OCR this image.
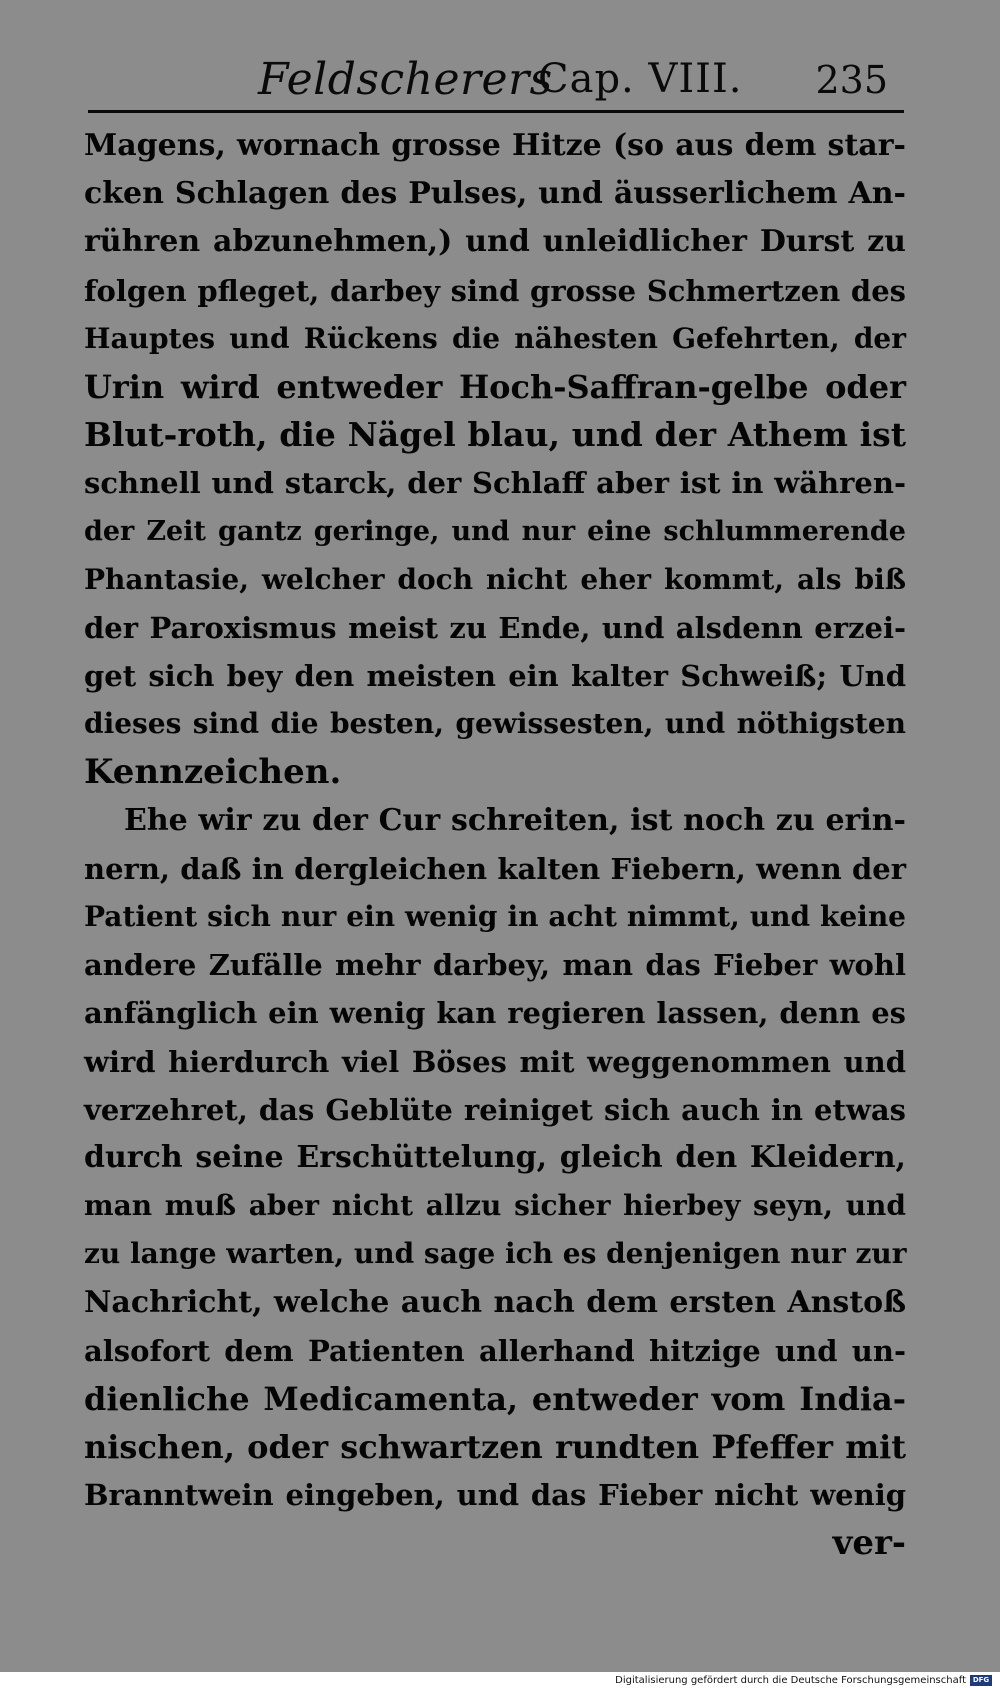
Feldscherers
Cap. VIII. 235
Magens, wornach grosse Hitze (so aus dem star-
cken Schlagen des Pulses, und äusserlichem An-
rühren abzunehmen,) und unleidlicher Durst zu
folgen pfleget, darbey sind grosse Schmertzen des
Hauptes und Rückens die nähesten Gefehrten, der
Urin wird entweder Hoch-Saffran-gelbe oder
Blut-roth, die Nägel blau, und der Athem ist
schnell und starck, der Schlaff aber ist in währen-
der Zeit gantz geringe, und nur eine schlummerende
Phantasie, welcher doch nicht eher kommt, als biß
der Paroxismus meist zu Ende, und alsdenn erzei-
get sich bey den meisten ein kalter Schweiß; Und
dieses sind die besten, gewissesten, und nöthigsten
Kennzeichen.
Ehe wir zu der Cur schreiten, ist noch zu erin-
nern, daß in dergleichen kalten Fiebern, wenn der
Patient sich nur ein wenig in acht nimmt, und keine
andere Zufälle mehr darbey, man das Fieber wohl
anfänglich ein wenig kan regieren lassen, denn es
wird hierdurch viel Böses mit weggenommen und
verzehret, das Geblüte reiniget sich auch in etwas
durch seine Erschüttelung, gleich den Kleidern,
man muß aber nicht allzu sicher hierbey seyn, und
zu lange warten, und sage ich es denjenigen nur zur
Nachricht, welche auch nach dem ersten Anstoß
alsofort dem Patienten allerhand hitzige und un-
dienliche Medicamenta, entweder vom India-
nischen, oder schwartzen rundten Pfeffer mit
Branntwein eingeben, und das Fieber nicht wenig
ver-
Digitalisierung gefördert durch die Deutsche Forschungsgemeinschaft DFG
